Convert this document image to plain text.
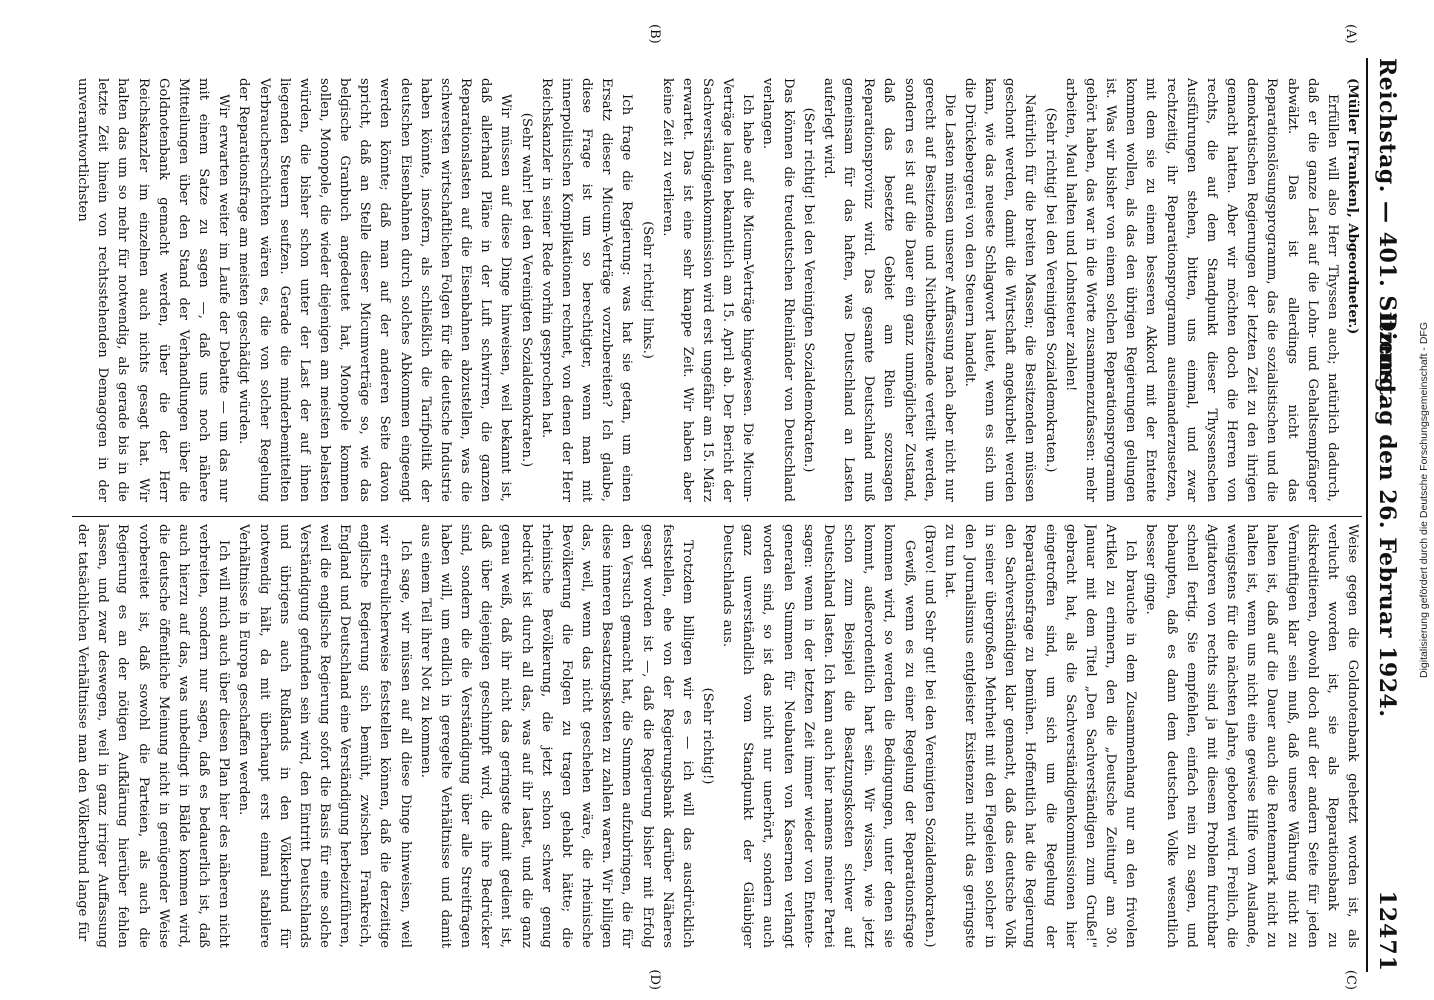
Reichstag. — 401. Sitzung.
Dienstag den 26. Februar 1924.
12471

(Müller [Franken], Abgeordneter.)

Erfüllen will also Herr Thyssen auch; natürlich dadurch, daß er die ganze Last auf die Lohn- und Gehaltsempfänger abwälzt. Das ist allerdings nicht das Reparationslösungsprogramm, das die sozialistischen und die demokratischen Regierungen der letzten Zeit zu den ihrigen gemacht hatten. Aber wir möchten doch die Herren von rechts, die auf dem Standpunkt dieser Thyssenschen Ausführungen stehen, bitten, uns einmal, und zwar rechtzeitig, ihr Reparationsprogramm auseinanderzusetzen, mit dem sie zu einem besseren Akkord mit der Entente kommen wollen, als das den übrigen Regierungen gelungen ist. Was wir bisher von einem solchen Reparationsprogramm gehört haben, das war in die Worte zusammenzufassen: mehr arbeiten, Maul halten und Lohnsteuer zahlen!

(Sehr richtig! bei den Vereinigten Sozialdemokraten.)

Natürlich für die breiten Massen; die Besitzenden müssen geschont werden, damit die Wirtschaft angekurbelt werden kann, wie das neueste Schlagwort lautet, wenn es sich um die Drückebergerei von den Steuern handelt.

Die Lasten müssen unserer Auffassung nach aber nicht nur gerecht auf Besitzende und Nichtbesitzende verteilt werden, sondern es ist auf die Dauer ein ganz unmöglicher Zustand, daß das besetzte Gebiet am Rhein sozusagen Reparationsprovinz wird. Das gesamte Deutschland muß gemeinsam für das haften, was Deutschland an Lasten auferlegt wird.

(Sehr richtig! bei den Vereinigten Sozialdemokraten.)

Das können die treudeutschen Rheinländer von Deutschland verlangen.

Ich habe auf die Micum-Verträge hingewiesen. Die Micum-Verträge laufen bekanntlich am 15. April ab. Der Bericht der Sachverständigenkommission wird erst ungefähr am 15. März erwartet. Das ist eine sehr knappe Zeit. Wir haben aber keine Zeit zu verlieren.

(Sehr richtig! links.)

Ich frage die Regierung: was hat sie getan, um einen Ersatz dieser Micum-Verträge vorzubereiten? Ich glaube, diese Frage ist um so berechtigter, wenn man mit innerpolitischen Komplikationen rechnet, von denen der Herr Reichskanzler in seiner Rede vorhin gesprochen hat.

(Sehr wahr! bei den Vereinigten Sozialdemokraten.)

Wir müssen auf diese Dinge hinweisen, weil bekannt ist, daß allerhand Pläne in der Luft schwirren, die ganzen Reparationslasten auf die Eisenbahnen abzustellen, was die schwersten wirtschaftlichen Folgen für die deutsche Industrie haben könnte, insofern, als schließlich die Tarifpolitik der deutschen Eisenbahnen durch solches Abkommen eingeengt werden könnte; daß man auf der anderen Seite davon spricht, daß an Stelle dieser Micumverträge so, wie das belgische Granbuch angedeutet hat, Monopole kommen sollen, Monopole, die wieder diejenigen am meisten belasten würden, die bisher schon unter der Last der auf ihnen liegenden Steuern seufzen. Gerade die minderbemittelten Verbraucherschichten wären es, die von solcher Regelung der Reparationsfrage am meisten geschädigt würden.

Wir erwarten weiter im Laufe der Debatte — um das nur mit einem Satze zu sagen —, daß uns noch nähere Mitteilungen über den Stand der Verhandlungen über die Goldnotenbank gemacht werden, über die der Herr Reichskanzler im einzelnen auch nichts gesagt hat. Wir halten das um so mehr für notwendig, als gerade bis in die letzte Zeit hinein von rechtsstehenden Demagogen in der unverantwortlichsten

Weise gegen die Goldnotenbank gehetzt worden ist, als verlucht worden ist, sie als Reparationsbank zu diskreditieren, obwohl doch auf der andern Seite für jeden Vernünftigen klar sein muß, daß unsere Währung nicht zu halten ist, daß auf die Dauer auch die Rentenmark nicht zu halten ist, wenn uns nicht eine gewisse Hilfe vom Auslande, wenigstens für die nächsten Jahre, geboten wird. Freilich, die Agitatoren von rechts sind ja mit diesem Problem furchtbar schnell fertig. Sie empfehlen, einfach nein zu sagen, und behaupten, daß es dann dem deutschen Volke wesentlich besser ginge.

Ich brauche in dem Zusammenhang nur an den frivolen Artikel zu erinnern, den die „Deutsche Zeitung" am 30. Januar mit dem Titel „Den Sachverständigen zum Gruße!" gebracht hat, als die Sachverständigenkommissionen hier eingetroffen sind, um sich um die Regelung der Reparationsfrage zu bemühen. Hoffentlich hat die Regierung den Sachverständigen klar gemacht, daß das deutsche Volk in seiner übergroßen Mehrheit mit den Flegeleien solcher in den Journalismus entgleister Existenzen nicht das geringste zu tun hat.

(Bravo! und Sehr gut! bei den Vereinigten Sozialdemokraten.)

Gewiß, wenn es zu einer Regelung der Reparationsfrage kommen wird, so werden die Bedingungen, unter denen sie kommt, außerordentlich hart sein. Wir wissen, wie jetzt schon zum Beispiel die Besatzungskosten schwer auf Deutschland lasten. Ich kann auch hier namens meiner Partei sagen: wenn in der letzten Zeit immer wieder von Entente-generalen Summen für Neubauten von Kasernen verlangt worden sind, so ist das nicht nur unerhört, sondern auch ganz unverständlich vom Standpunkt der Gläubiger Deutschlands aus.

(Sehr richtig!)

Trotzdem billigen wir es — ich will das ausdrücklich feststellen, ehe von der Regierungsbank darüber Näheres gesagt worden ist —, daß die Regierung bisher mit Erfolg den Versuch gemacht hat, die Summen aufzubringen, die für diese inneren Besatzungskosten zu zahlen waren. Wir billigen das, weil, wenn das nicht geschehen wäre, die rheinische Bevölkerung die Folgen zu tragen gehabt hätte; die rheinische Bevölkerung, die jetzt schon schwer genug bedrückt ist durch all das, was auf ihr lastet, und die ganz genau weiß, daß ihr nicht das geringste damit gedient ist, daß über diejenigen geschimpft wird, die ihre Bedrücker sind, sondern die die Verständigung über alle Streitfragen haben will, um endlich in geregelte Verhältnisse und damit aus einem Teil ihrer Not zu kommen.

Ich sage, wir müssen auf all diese Dinge hinweisen, weil wir erfreulicherweise feststellen können, daß die derzeitige englische Regierung sich bemüht, zwischen Frankreich, England und Deutschland eine Verständigung herbeizuführen, weil die englische Regierung sofort die Basis für eine solche Verständigung gefunden sein wird, den Eintritt Deutschlands und übrigens auch Rußlands in den Völkerbund für notwendig hält, da mit überhaupt erst einmal stabilere Verhältnisse in Europa geschaffen werden.

Ich will mich auch über diesen Plan hier des näheren nicht verbreiten, sondern nur sagen, daß es bedauerlich ist, daß auch hierzu auf das, was unbedingt in Bälde kommen wird, die deutsche öffentliche Meinung nicht in genügender Weise vorbereitet ist, daß sowohl die Parteien, als auch die Regierung es an der nötigen Aufklärung hierüber fehlen lassen, und zwar deswegen, weil in ganz irriger Auffassung der tatsächlichen Verhältnisse man den Völkerbund lange für

(A)
(B)
(C)
(D)
Digitalisierung gefördert durch die Deutsche Forschungsgemeinschaft - DFG
